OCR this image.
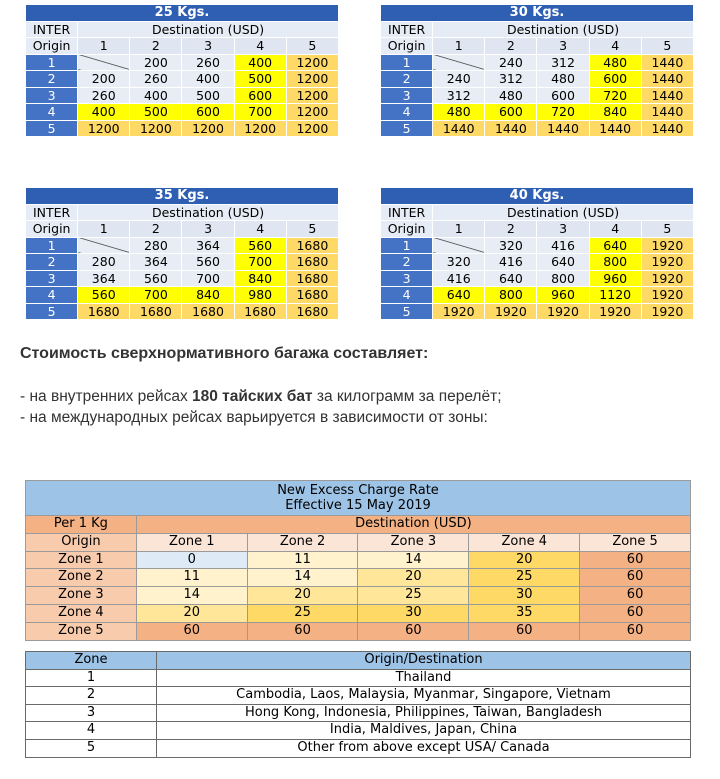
25 Kgs.					
INTER	Destination (USD)				
Origin	1	2	3	4	5
1		200	260	400	1200
2	200	260	400	500	1200
3	260	400	500	600	1200
4	400	500	600	700	1200
5	1200	1200	1200	1200	1200
30 Kgs.					
INTER	Destination (USD)				
Origin	1	2	3	4	5
1		240	312	480	1440
2	240	312	480	600	1440
3	312	480	600	720	1440
4	480	600	720	840	1440
5	1440	1440	1440	1440	1440
35 Kgs.					
INTER	Destination (USD)				
Origin	1	2	3	4	5
1		280	364	560	1680
2	280	364	560	700	1680
3	364	560	700	840	1680
4	560	700	840	980	1680
5	1680	1680	1680	1680	1680
40 Kgs.					
INTER	Destination (USD)				
Origin	1	2	3	4	5
1		320	416	640	1920
2	320	416	640	800	1920
3	416	640	800	960	1920
4	640	800	960	1120	1920
5	1920	1920	1920	1920	1920
Стоимость сверхнормативного багажа составляет:
- на внутренних рейсах 180 тайских бат за килограмм за перелёт;
- на международных рейсах варьируется в зависимости от зоны:
New Excess Charge Rate
Effective 15 May 2019					
Per 1 Kg	Destination (USD)				
Origin	Zone 1	Zone 2	Zone 3	Zone 4	Zone 5
Zone 1	0	11	14	20	60
Zone 2	11	14	20	25	60
Zone 3	14	20	25	30	60
Zone 4	20	25	30	35	60
Zone 5	60	60	60	60	60
Zone	Origin/Destination
1	Thailand
2	Cambodia, Laos, Malaysia, Myanmar, Singapore, Vietnam
3	Hong Kong, Indonesia, Philippines, Taiwan, Bangladesh
4	India, Maldives, Japan, China
5	Other from above except USA/ Canada
